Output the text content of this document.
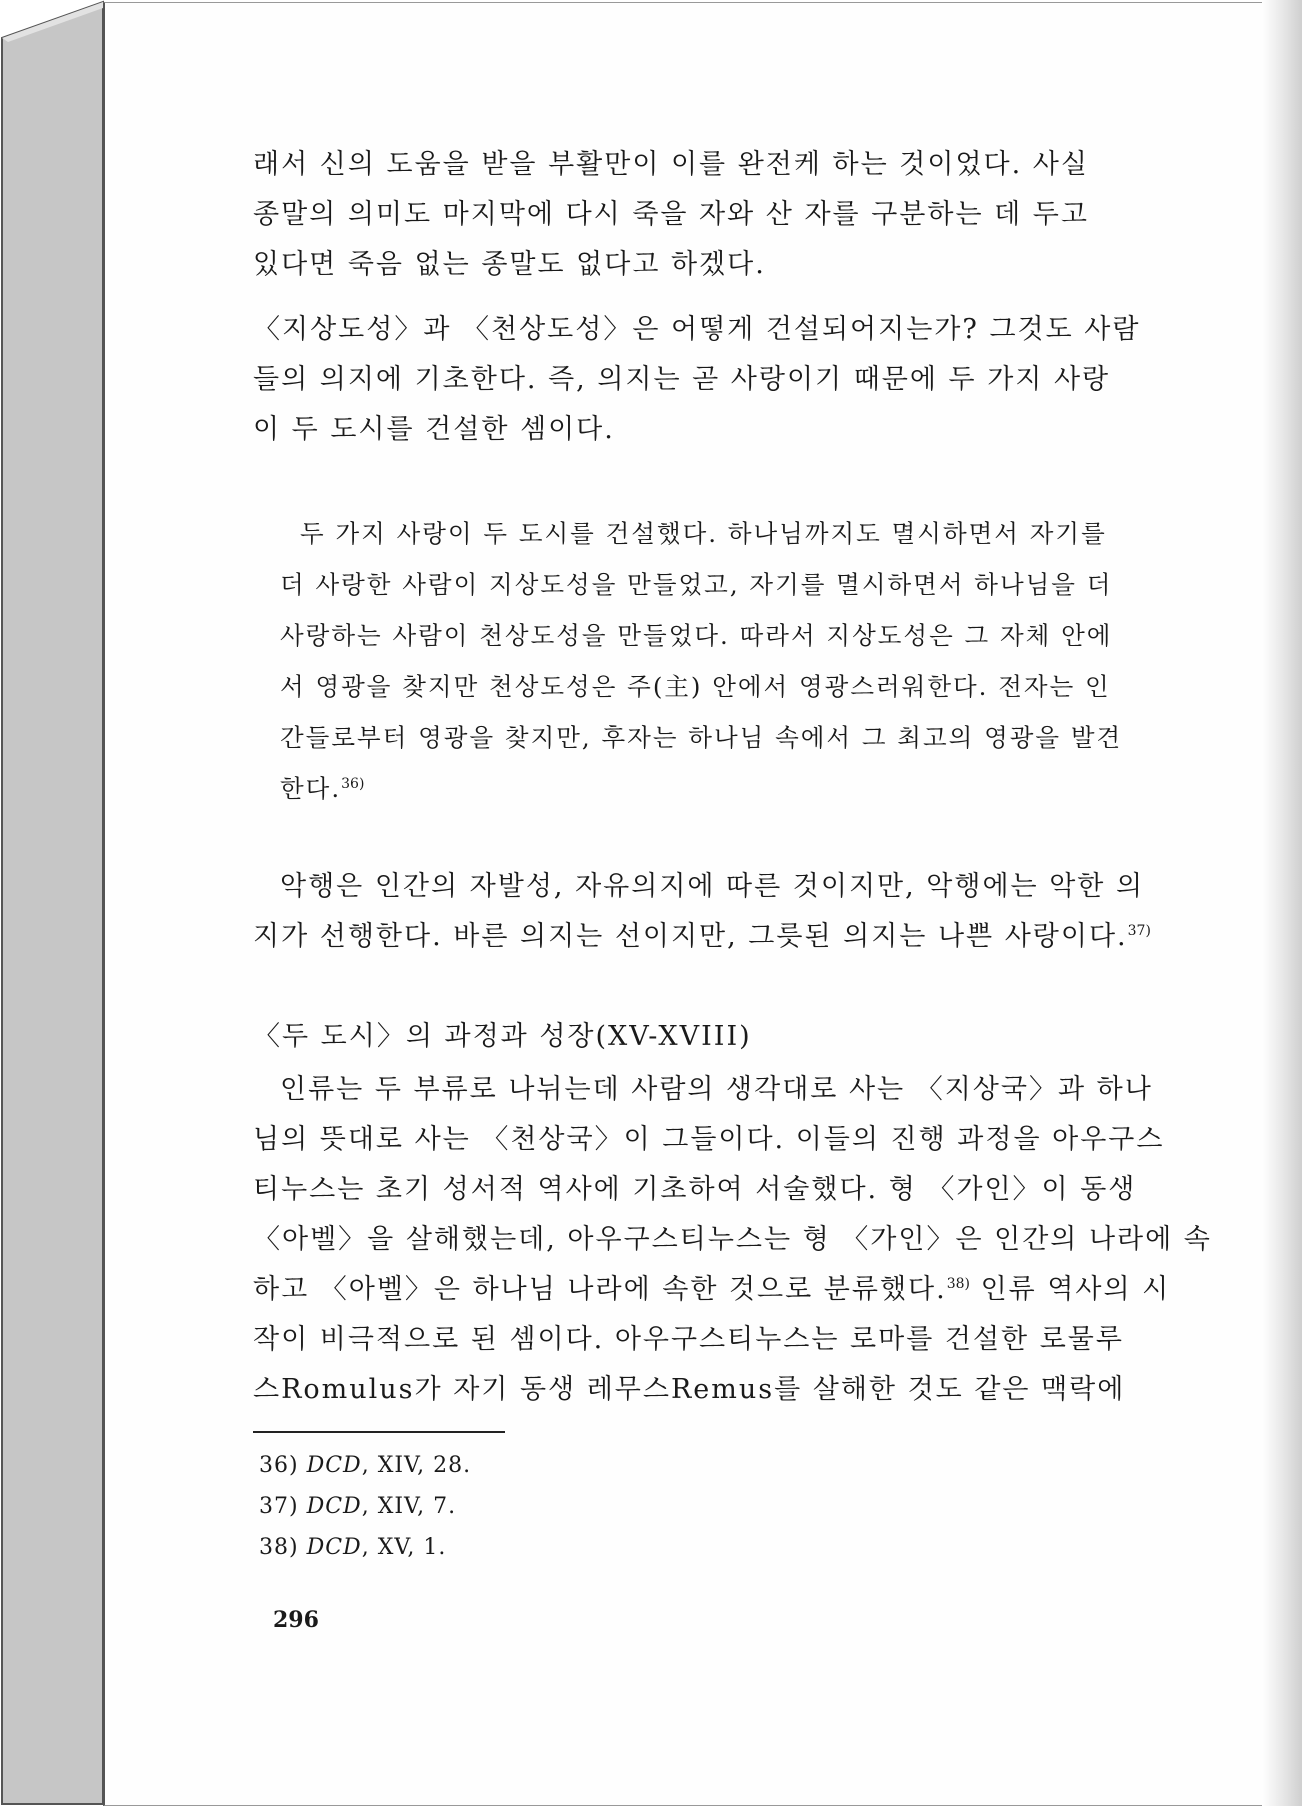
래서 신의 도움을 받을 부활만이 이를 완전케 하는 것이었다. 사실
종말의 의미도 마지막에 다시 죽을 자와 산 자를 구분하는 데 두고
있다면 죽음 없는 종말도 없다고 하겠다.
〈지상도성〉과 〈천상도성〉은 어떻게 건설되어지는가? 그것도 사람
들의 의지에 기초한다. 즉, 의지는 곧 사랑이기 때문에 두 가지 사랑
이 두 도시를 건설한 셈이다.
두 가지 사랑이 두 도시를 건설했다. 하나님까지도 멸시하면서 자기를
더 사랑한 사람이 지상도성을 만들었고, 자기를 멸시하면서 하나님을 더
사랑하는 사람이 천상도성을 만들었다. 따라서 지상도성은 그 자체 안에
서 영광을 찾지만 천상도성은 주(主) 안에서 영광스러워한다. 전자는 인
간들로부터 영광을 찾지만, 후자는 하나님 속에서 그 최고의 영광을 발견
한다.$^{36)}$
악행은 인간의 자발성, 자유의지에 따른 것이지만, 악행에는 악한 의
지가 선행한다. 바른 의지는 선이지만, 그릇된 의지는 나쁜 사랑이다.$^{37)}$
〈두 도시〉의 과정과 성장(XV-XVIII)
인류는 두 부류로 나뉘는데 사람의 생각대로 사는 〈지상국〉과 하나
님의 뜻대로 사는 〈천상국〉이 그들이다. 이들의 진행 과정을 아우구스
티누스는 초기 성서적 역사에 기초하여 서술했다. 형 〈가인〉이 동생
〈아벨〉을 살해했는데, 아우구스티누스는 형 〈가인〉은 인간의 나라에 속
하고 〈아벨〉은 하나님 나라에 속한 것으로 분류했다.$^{38)}$ 인류 역사의 시
작이 비극적으로 된 셈이다. 아우구스티누스는 로마를 건설한 로물루
스Romulus가 자기 동생 레무스Remus를 살해한 것도 같은 맥락에
36) DCD, XIV, 28.
37) DCD, XIV, 7.
38) DCD, XV, 1.
296
